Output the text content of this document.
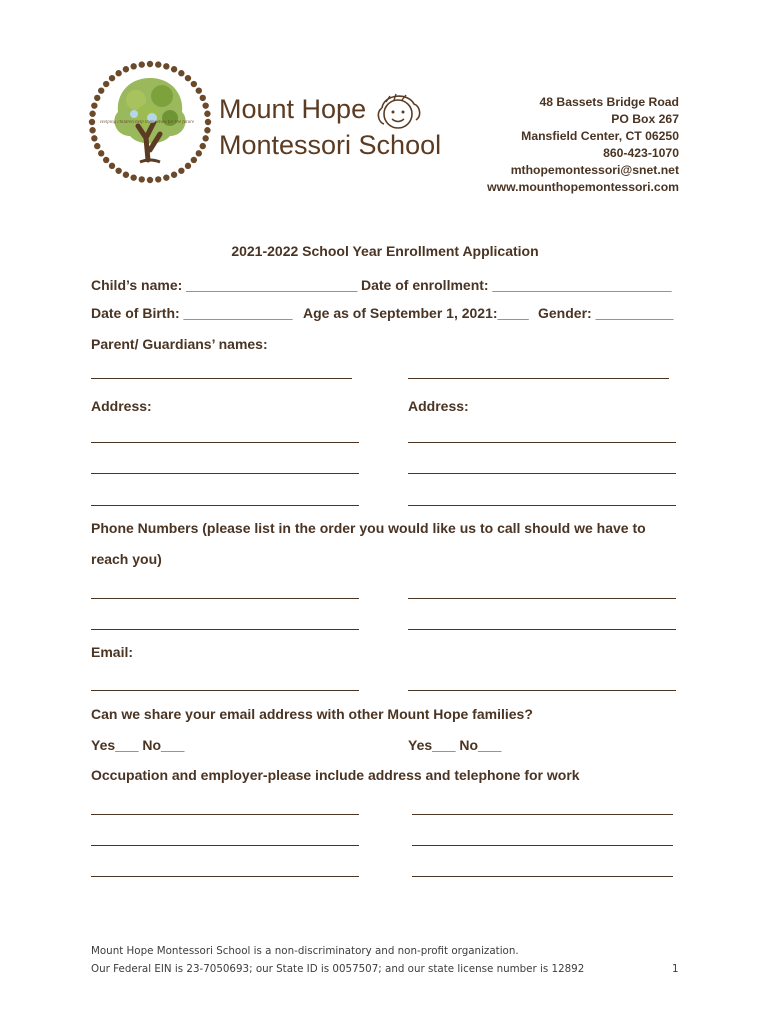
Helping children help themselves for the future Mount Hope
Montessori School
48 Bassets Bridge Road
PO Box 267
Mansfield Center, CT 06250
860-423-1070
mthopemontessori@snet.net
www.mounthopemontessori.com
2021-2022 School Year Enrollment Application
Child’s name: ______________________ Date of enrollment: _______________________
Date of Birth: ______________ Age as of September 1, 2021:____ Gender: __________
Parent/ Guardians’ names:
Address:	Address:
Phone Numbers (please list in the order you would like us to call should we have to
reach you)
Email:
Can we share your email address with other Mount Hope families?
Yes___ No___	Yes___ No___
Occupation and employer-please include address and telephone for work
Mount Hope Montessori School is a non-discriminatory and non-profit organization.
Our Federal EIN is 23-7050693; our State ID is 0057507; and our state license number is 12892	1
